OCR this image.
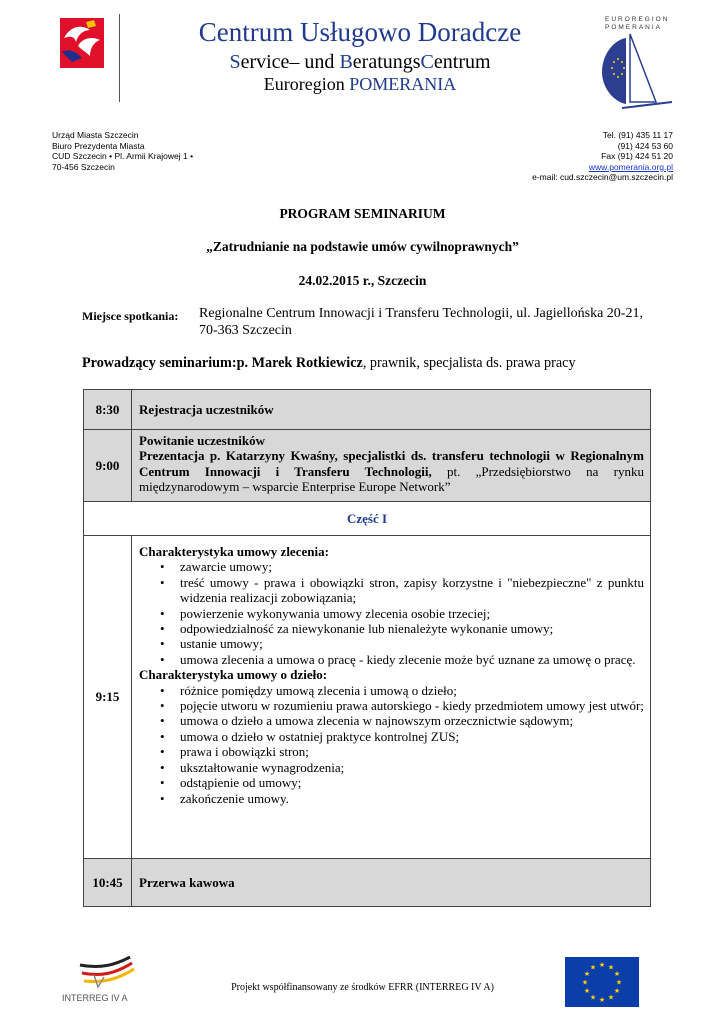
Centrum Usługowo Doradcze
Service– und BeratungsCentrum
Euroregion POMERANIA
EUROREGION
POMERANIA
Urząd Miasta Szczecin
Biuro Prezydenta Miasta
CUD Szczecin • Pl. Armii Krajowej 1 •
70-456 Szczecin
Tel. (91) 435 11 17
(91) 424 53 60
Fax (91) 424 51 20
www.pomerania.org.pl
e-mail: cud.szczecin@um.szczecin.pl
PROGRAM SEMINARIUM
„Zatrudnianie na podstawie umów cywilnoprawnych”
24.02.2015 r., Szczecin
Miejsce spotkania: Regionalne Centrum Innowacji i Transferu Technologii, ul. Jagiellońska 20-21, 70-363 Szczecin
Prowadzący seminarium:p. Marek Rotkiewicz, prawnik, specjalista ds. prawa pracy
8:30	Rejestracja uczestników
9:00
Powitanie uczestników
Prezentacja p. Katarzyny Kwaśny, specjalistki ds. transferu technologii w Regionalnym Centrum Innowacji i Transferu Technologii, pt. „Przedsiębiorstwo na rynku międzynarodowym – wsparcie Enterprise Europe Network”
Część I
9:15
Charakterystyka umowy zlecenia:
• zawarcie umowy;
• treść umowy - prawa i obowiązki stron, zapisy korzystne i "niebezpieczne" z punktu widzenia realizacji zobowiązania;
• powierzenie wykonywania umowy zlecenia osobie trzeciej;
• odpowiedzialność za niewykonanie lub nienależyte wykonanie umowy;
• ustanie umowy;
• umowa zlecenia a umowa o pracę - kiedy zlecenie może być uznane za umowę o pracę.
Charakterystyka umowy o dzieło:
• różnice pomiędzy umową zlecenia i umową o dzieło;
• pojęcie utworu w rozumieniu prawa autorskiego - kiedy przedmiotem umowy jest utwór;
• umowa o dzieło a umowa zlecenia w najnowszym orzecznictwie sądowym;
• umowa o dzieło w ostatniej praktyce kontrolnej ZUS;
• prawa i obowiązki stron;
• ukształtowanie wynagrodzenia;
• odstąpienie od umowy;
• zakończenie umowy.
10:45	Przerwa kawowa
INTERREG IV A
Projekt współfinansowany ze środków EFRR (INTERREG IV A)
★ ★
★
★
★
★
★
★
★
★
★
★
